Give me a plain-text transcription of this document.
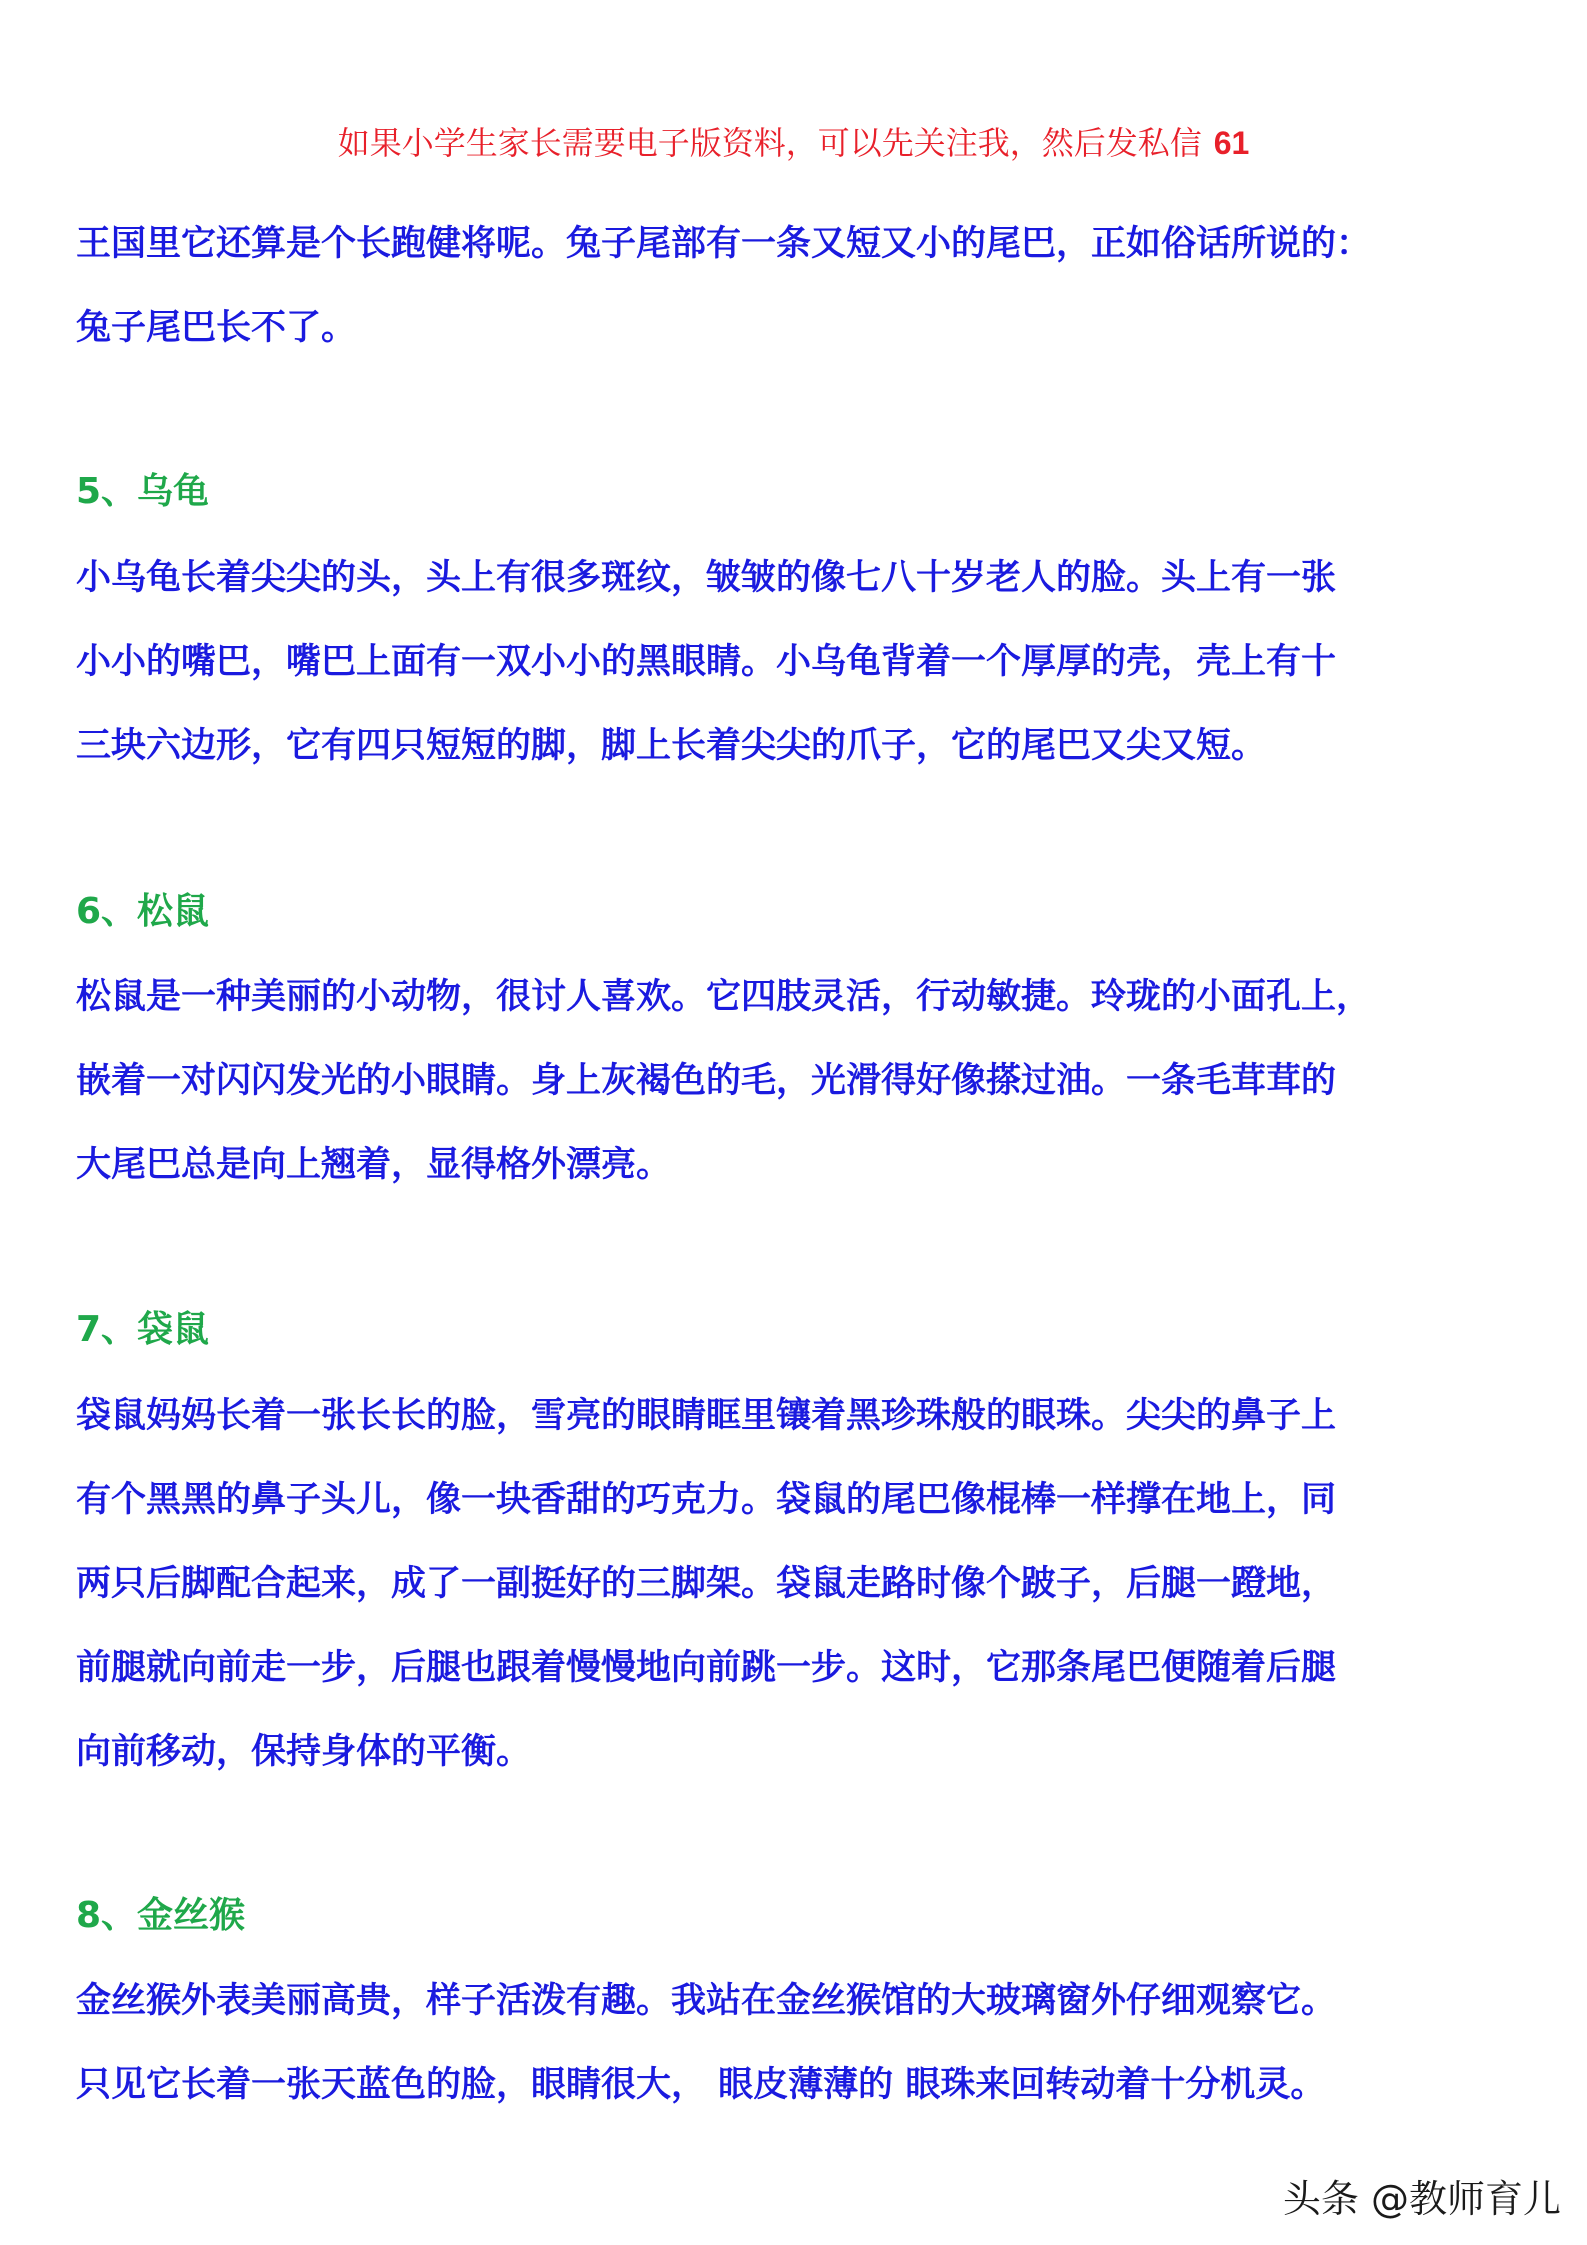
如果小学生家长需要电子版资料，可以先关注我，然后发私信 61
王国里它还算是个长跑健将呢。兔子尾部有一条又短又小的尾巴，正如俗话所说的：
兔子尾巴长不了。
5、乌龟
小乌龟长着尖尖的头，头上有很多斑纹，皱皱的像七八十岁老人的脸。头上有一张
小小的嘴巴，嘴巴上面有一双小小的黑眼睛。小乌龟背着一个厚厚的壳，壳上有十
三块六边形，它有四只短短的脚，脚上长着尖尖的爪子，它的尾巴又尖又短。
6、松鼠
松鼠是一种美丽的小动物，很讨人喜欢。它四肢灵活，行动敏捷。玲珑的小面孔上，
嵌着一对闪闪发光的小眼睛。身上灰褐色的毛，光滑得好像搽过油。一条毛茸茸的
大尾巴总是向上翘着，显得格外漂亮。
7、袋鼠
袋鼠妈妈长着一张长长的脸，雪亮的眼睛眶里镶着黑珍珠般的眼珠。尖尖的鼻子上
有个黑黑的鼻子头儿，像一块香甜的巧克力。袋鼠的尾巴像棍棒一样撑在地上，同
两只后脚配合起来，成了一副挺好的三脚架。袋鼠走路时像个跛子，后腿一蹬地，
前腿就向前走一步，后腿也跟着慢慢地向前跳一步。这时，它那条尾巴便随着后腿
向前移动，保持身体的平衡。
8、金丝猴
金丝猴外表美丽高贵，样子活泼有趣。我站在金丝猴馆的大玻璃窗外仔细观察它。
只见它长着一张天蓝色的脸，眼睛很大， 眼皮薄薄的 眼珠来回转动着十分机灵。
头条 @教师育儿
